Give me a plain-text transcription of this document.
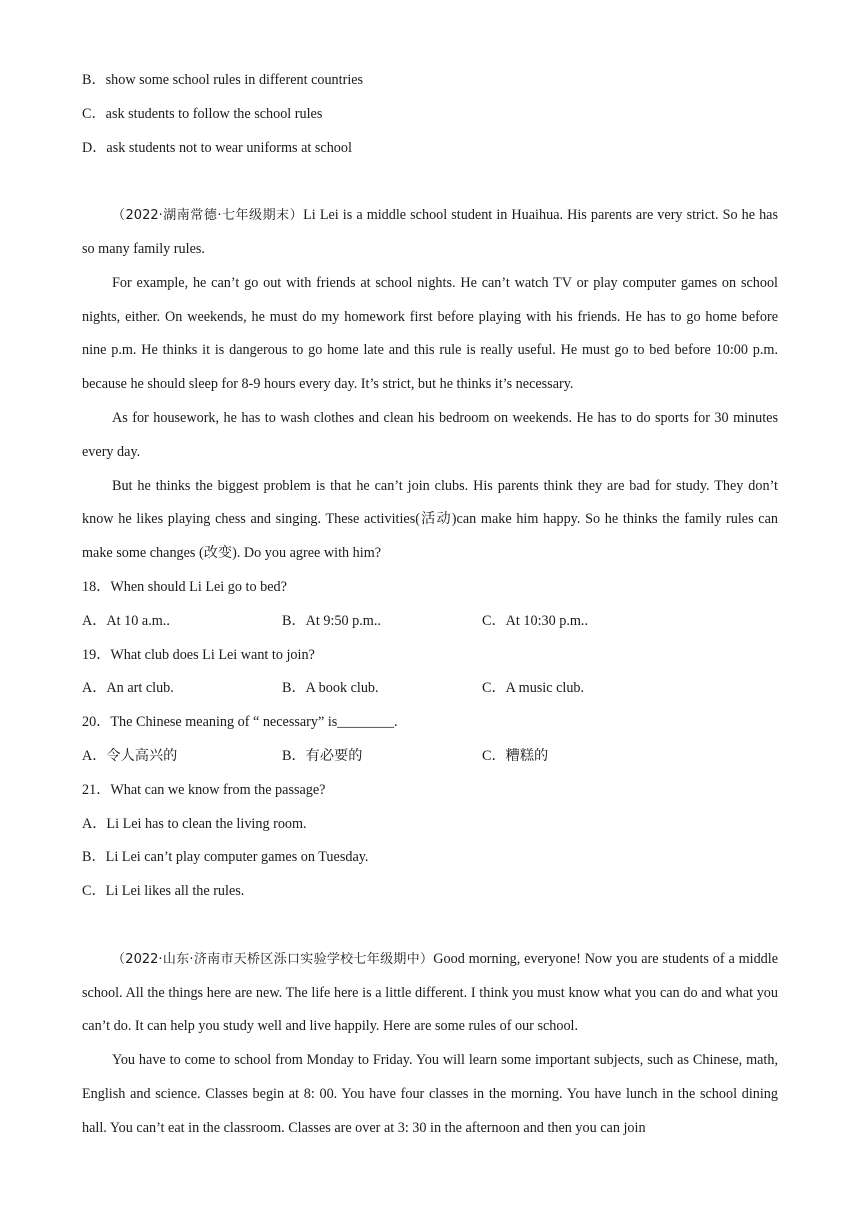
B．show some school rules in different countries
C．ask students to follow the school rules
D．ask students not to wear uniforms at school
（2022·湖南常德·七年级期末）Li Lei is a middle school student in Huaihua. His parents are very strict. So he has so many family rules.
For example, he can’t go out with friends at school nights. He can’t watch TV or play computer games on school nights, either. On weekends, he must do my homework first before playing with his friends. He has to go home before nine p.m. He thinks it is dangerous to go home late and this rule is really useful. He must go to bed before 10:00 p.m. because he should sleep for 8-9 hours every day. It’s strict, but he thinks it’s necessary.
As for housework, he has to wash clothes and clean his bedroom on weekends. He has to do sports for 30 minutes every day.
But he thinks the biggest problem is that he can’t join clubs. His parents think they are bad for study. They don’t know he likes playing chess and singing. These activities(活动)can make him happy. So he thinks the family rules can make some changes (改变). Do you agree with him?
18．When should Li Lei go to bed?
A．At 10 a.m..	B．At 9:50 p.m..	C．At 10:30 p.m..
19．What club does Li Lei want to join?
A．An art club.	B．A book club.	C．A music club.
20．The Chinese meaning of “ necessary” is________.
A．令人高兴的	B．有必要的	C．糟糕的
21．What can we know from the passage?
A．Li Lei has to clean the living room.
B．Li Lei can’t play computer games on Tuesday.
C．Li Lei likes all the rules.
（2022·山东·济南市天桥区泺口实验学校七年级期中）Good morning, everyone! Now you are students of a middle school. All the things here are new. The life here is a little different. I think you must know what you can do and what you can’t do. It can help you study well and live happily. Here are some rules of our school.
You have to come to school from Monday to Friday. You will learn some important subjects, such as Chinese, math, English and science. Classes begin at 8: 00. You have four classes in the morning. You have lunch in the school dining hall. You can’t eat in the classroom. Classes are over at 3: 30 in the afternoon and then you can join
